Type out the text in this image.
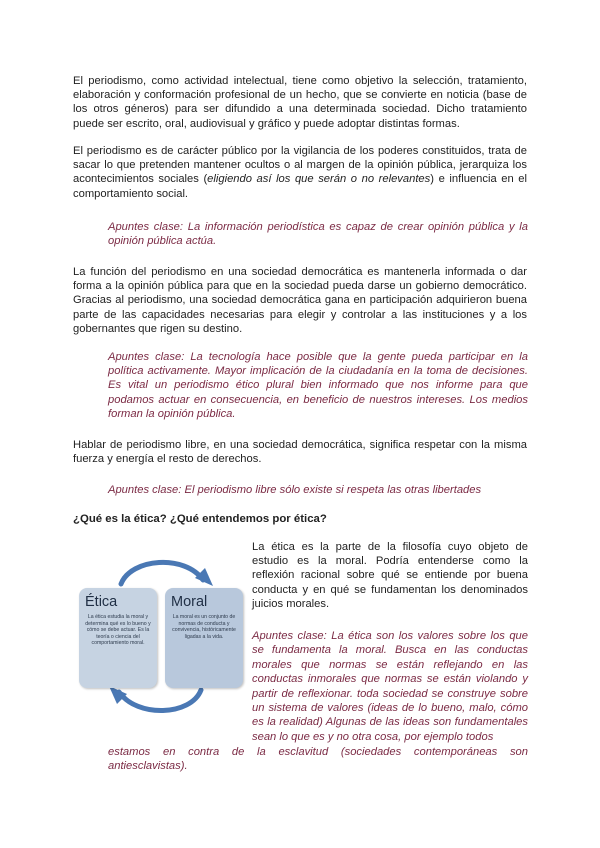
El periodismo, como actividad intelectual, tiene como objetivo la selección, tratamiento, elaboración y conformación profesional de un hecho, que se convierte en noticia (base de los otros géneros) para ser difundido a una determinada sociedad. Dicho tratamiento puede ser escrito, oral, audiovisual y gráfico y puede adoptar distintas formas.

El periodismo es de carácter público por la vigilancia de los poderes constituidos, trata de sacar lo que pretenden mantener ocultos o al margen de la opinión pública, jerarquiza los acontecimientos sociales (eligiendo así los que serán o no relevantes) e influencia en el comportamiento social.

Apuntes clase: La información periodística es capaz de crear opinión pública y la opinión pública actúa.

La función del periodismo en una sociedad democrática es mantenerla informada o dar forma a la opinión pública para que en la sociedad pueda darse un gobierno democrático. Gracias al periodismo, una sociedad democrática gana en participación adquirieron buena parte de las capacidades necesarias para elegir y controlar a las instituciones y a los gobernantes que rigen su destino.

Apuntes clase: La tecnología hace posible que la gente pueda participar en la política activamente. Mayor implicación de la ciudadanía en la toma de decisiones. Es vital un periodismo ético plural bien informado que nos informe para que podamos actuar en consecuencia, en beneficio de nuestros intereses. Los medios forman la opinión pública.

Hablar de periodismo libre, en una sociedad democrática, significa respetar con la misma fuerza y energía el resto de derechos.

Apuntes clase: El periodismo libre sólo existe si respeta las otras libertades

¿Qué es la ética? ¿Qué entendemos por ética?

Ética
La ética estudia la moral y determina qué es lo bueno y cómo se debe actuar. Es la teoría o ciencia del comportamiento moral.
Moral
La moral es un conjunto de normas de conducta y convivencia, históricamente ligadas a la vida.

La ética es la parte de la filosofía cuyo objeto de estudio es la moral. Podría entenderse como la reflexión racional sobre qué se entiende por buena conducta y en qué se fundamentan los denominados juicios morales.

Apuntes clase: La ética son los valores sobre los que se fundamenta la moral. Busca en las conductas morales que normas se están reflejando en las conductas inmorales que normas se están violando y partir de reflexionar. toda sociedad se construye sobre un sistema de valores (ideas de lo bueno, malo, cómo es la realidad) Algunas de las ideas son fundamentales sean lo que es y no otra cosa, por ejemplo todos

estamos en contra de la esclavitud (sociedades contemporáneas son antiesclavistas).
